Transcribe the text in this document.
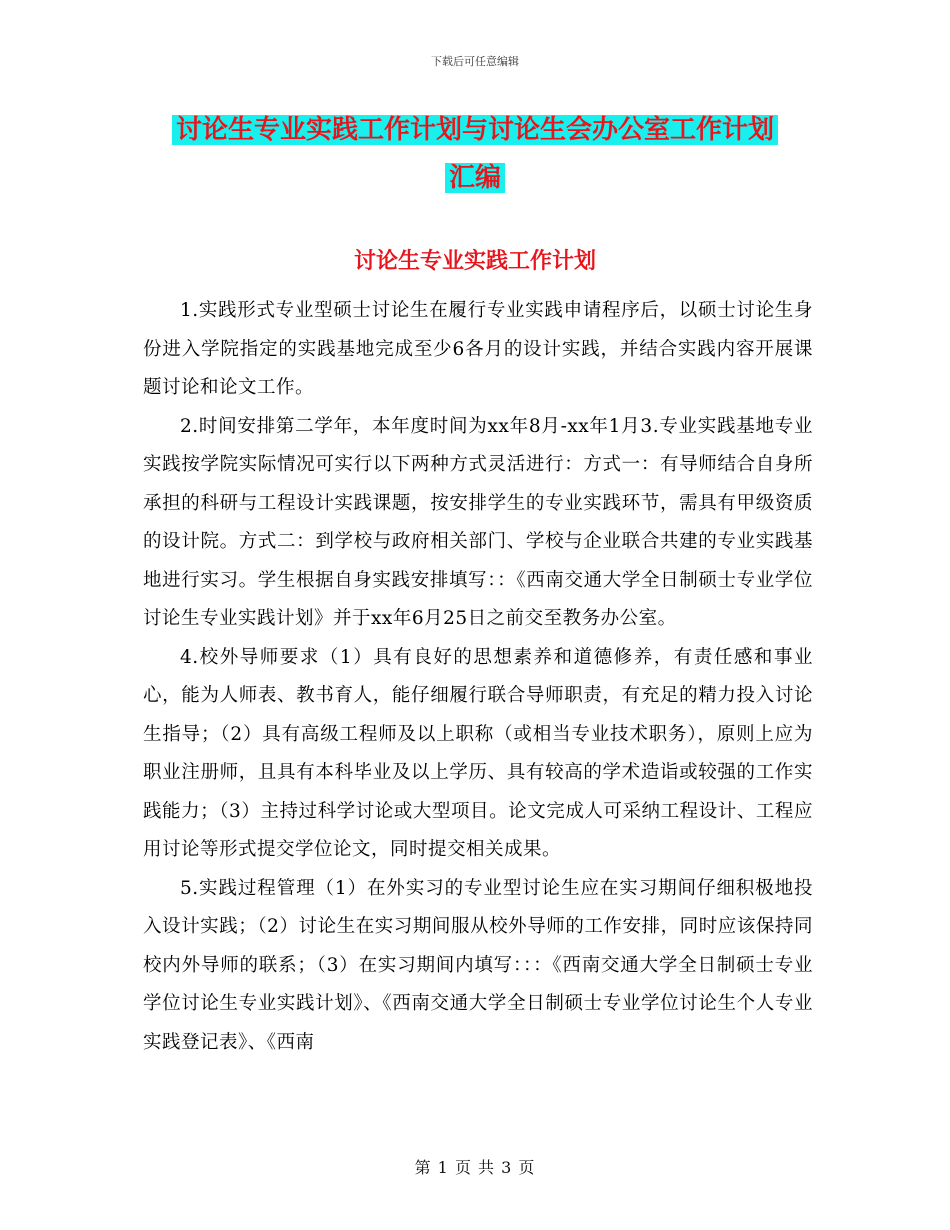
下载后可任意编辑
讨论生专业实践工作计划与讨论生会办公室工作计划
汇编
讨论生专业实践工作计划

1.实践形式专业型硕士讨论生在履行专业实践申请程序后，以硕士讨论生身份进入学院指定的实践基地完成至少6各月的设计实践，并结合实践内容开展课题讨论和论文工作。

2.时间安排第二学年，本年度时间为xx年8月-xx年1月3.专业实践基地专业实践按学院实际情况可实行以下两种方式灵活进行：方式一：有导师结合自身所承担的科研与工程设计实践课题，按安排学生的专业实践环节，需具有甲级资质的设计院。方式二：到学校与政府相关部门、学校与企业联合共建的专业实践基地进行实习。学生根据自身实践安排填写：：《西南交通大学全日制硕士专业学位讨论生专业实践计划》并于xx年6月25日之前交至教务办公室。

4.校外导师要求（1）具有良好的思想素养和道德修养，有责任感和事业心，能为人师表、教书育人，能仔细履行联合导师职责，有充足的精力投入讨论生指导；（2）具有高级工程师及以上职称（或相当专业技术职务），原则上应为职业注册师，且具有本科毕业及以上学历、具有较高的学术造诣或较强的工作实践能力；（3）主持过科学讨论或大型项目。论文完成人可采纳工程设计、工程应用讨论等形式提交学位论文，同时提交相关成果。

5.实践过程管理（1）在外实习的专业型讨论生应在实习期间仔细积极地投入设计实践；（2）讨论生在实习期间服从校外导师的工作安排，同时应该保持同校内外导师的联系；（3）在实习期间内填写：：：《西南交通大学全日制硕士专业学位讨论生专业实践计划》、《西南交通大学全日制硕士专业学位讨论生个人专业实践登记表》、《西南

第 1 页 共 3 页
